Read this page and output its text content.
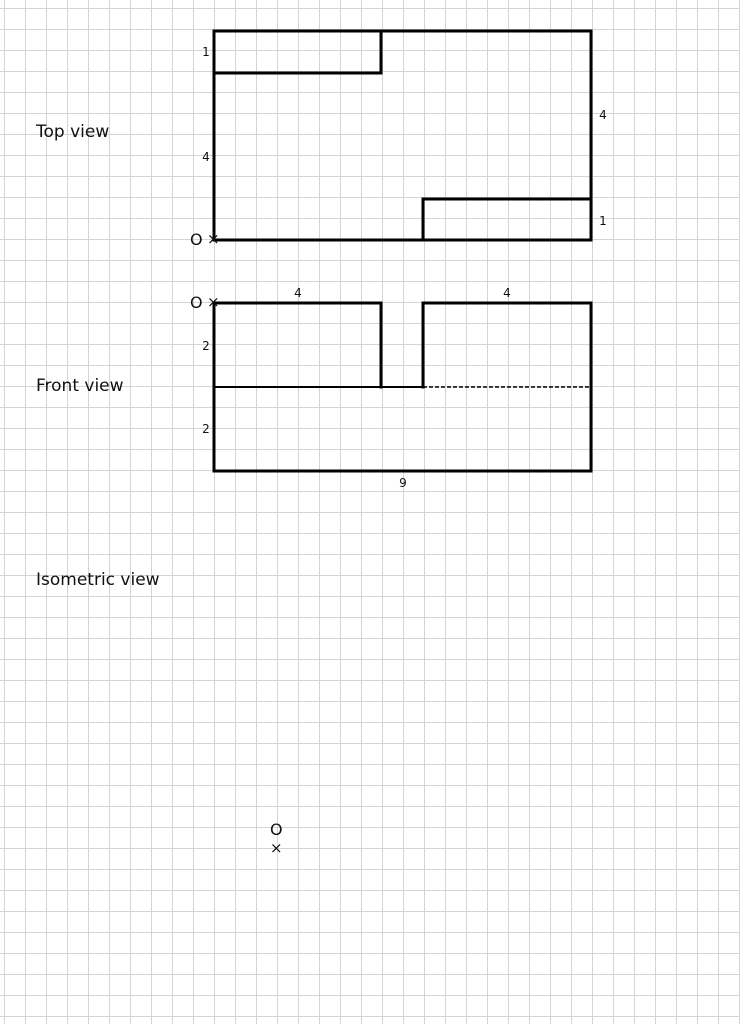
Top view
Front view
Isometric view
1
4
4
1
O ×
4	4
2
2
9
O ×
O
×
